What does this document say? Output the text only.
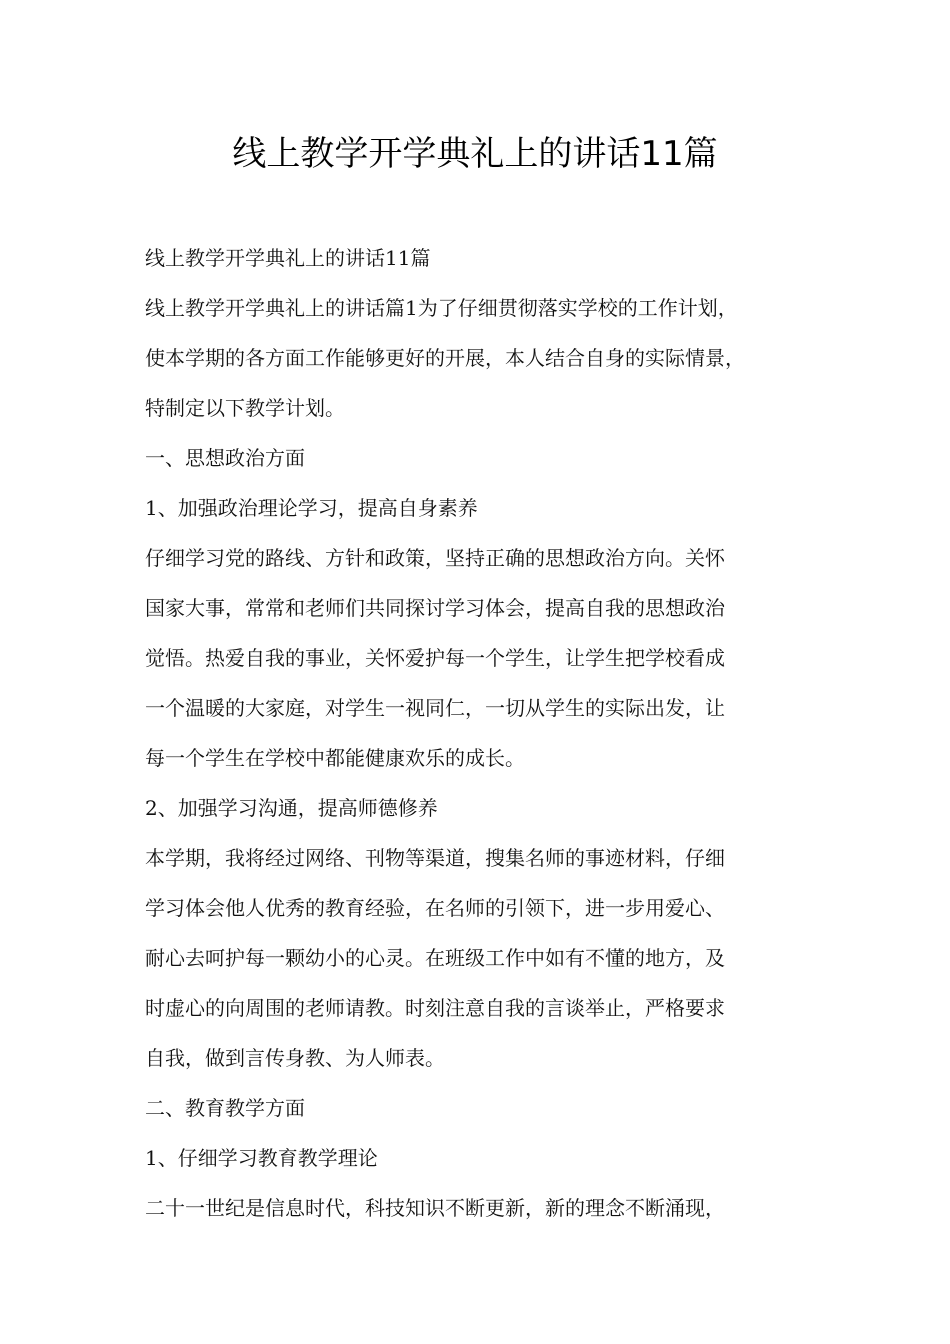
线上教学开学典礼上的讲话11篇
线上教学开学典礼上的讲话11篇
线上教学开学典礼上的讲话篇1为了仔细贯彻落实学校的工作计划，
使本学期的各方面工作能够更好的开展，本人结合自身的实际情景，
特制定以下教学计划。
一、思想政治方面
1、加强政治理论学习，提高自身素养
仔细学习党的路线、方针和政策，坚持正确的思想政治方向。关怀
国家大事，常常和老师们共同探讨学习体会，提高自我的思想政治
觉悟。热爱自我的事业，关怀爱护每一个学生，让学生把学校看成
一个温暖的大家庭，对学生一视同仁，一切从学生的实际出发，让
每一个学生在学校中都能健康欢乐的成长。
2、加强学习沟通，提高师德修养
本学期，我将经过网络、刊物等渠道，搜集名师的事迹材料，仔细
学习体会他人优秀的教育经验，在名师的引领下，进一步用爱心、
耐心去呵护每一颗幼小的心灵。在班级工作中如有不懂的地方，及
时虚心的向周围的老师请教。时刻注意自我的言谈举止，严格要求
自我，做到言传身教、为人师表。
二、教育教学方面
1、仔细学习教育教学理论
二十一世纪是信息时代，科技知识不断更新，新的理念不断涌现，
